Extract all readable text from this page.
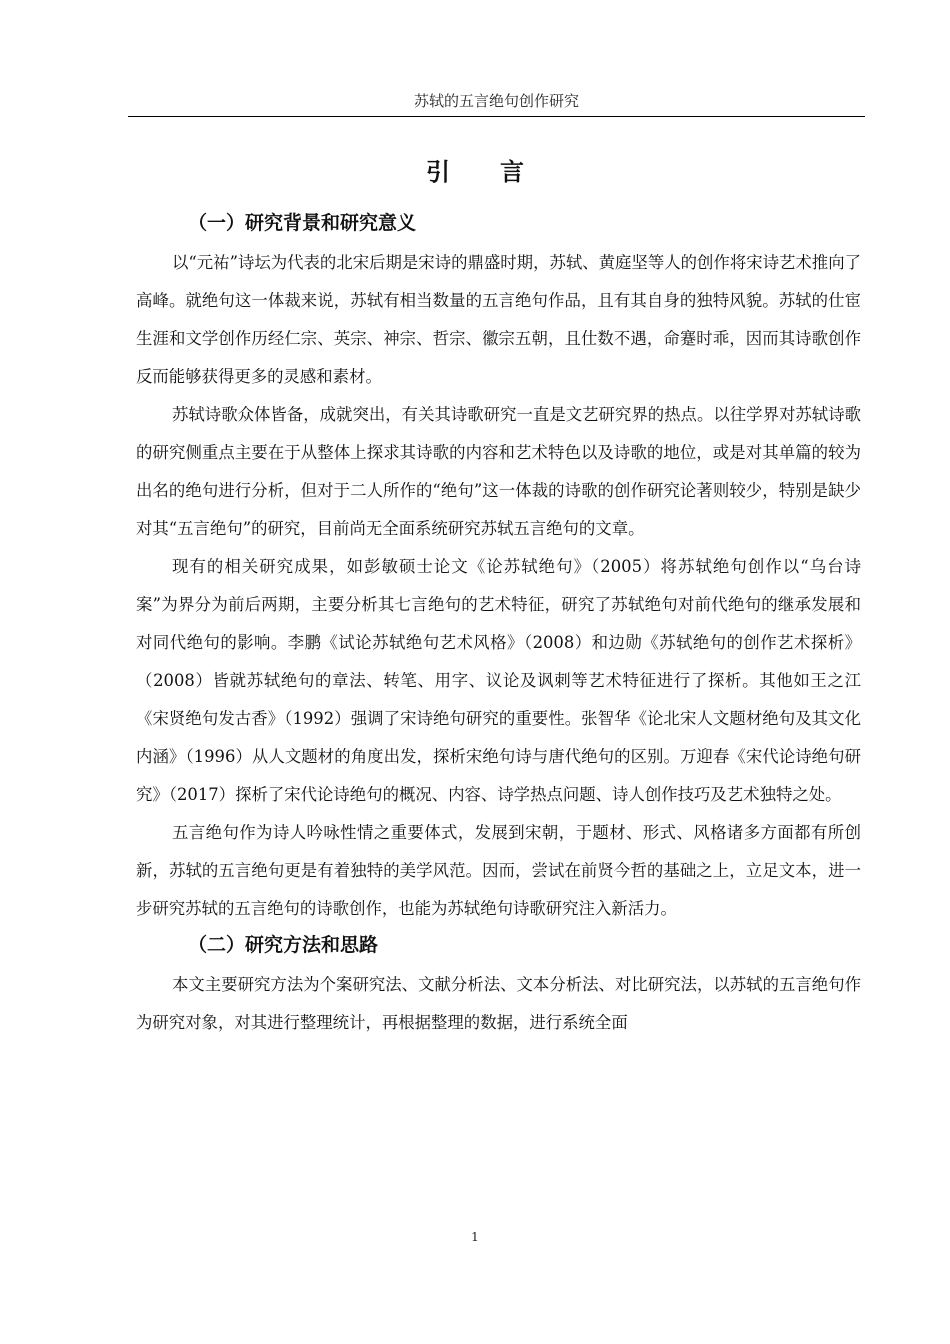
苏轼的五言绝句创作研究
引言
（一）研究背景和研究意义

以“元祐”诗坛为代表的北宋后期是宋诗的鼎盛时期，苏轼、黄庭坚等人的创作将宋诗艺术推向了高峰。就绝句这一体裁来说，苏轼有相当数量的五言绝句作品，且有其自身的独特风貌。苏轼的仕宦生涯和文学创作历经仁宗、英宗、神宗、哲宗、徽宗五朝，且仕数不遇，命蹇时乖，因而其诗歌创作反而能够获得更多的灵感和素材。

苏轼诗歌众体皆备，成就突出，有关其诗歌研究一直是文艺研究界的热点。以往学界对苏轼诗歌的研究侧重点主要在于从整体上探求其诗歌的内容和艺术特色以及诗歌的地位，或是对其单篇的较为出名的绝句进行分析，但对于二人所作的“绝句”这一体裁的诗歌的创作研究论著则较少，特别是缺少对其“五言绝句”的研究，目前尚无全面系统研究苏轼五言绝句的文章。

现有的相关研究成果，如彭敏硕士论文《论苏轼绝句》（2005）将苏轼绝句创作以“乌台诗案”为界分为前后两期，主要分析其七言绝句的艺术特征，研究了苏轼绝句对前代绝句的继承发展和对同代绝句的影响。李鹏《试论苏轼绝句艺术风格》（2008）和边勋《苏轼绝句的创作艺术探析》（2008）皆就苏轼绝句的章法、转笔、用字、议论及讽刺等艺术特征进行了探析。其他如王之江《宋贤绝句发古香》（1992）强调了宋诗绝句研究的重要性。张智华《论北宋人文题材绝句及其文化内涵》（1996）从人文题材的角度出发，探析宋绝句诗与唐代绝句的区别。万迎春《宋代论诗绝句研究》（2017）探析了宋代论诗绝句的概况、内容、诗学热点问题、诗人创作技巧及艺术独特之处。

五言绝句作为诗人吟咏性情之重要体式，发展到宋朝，于题材、形式、风格诸多方面都有所创新，苏轼的五言绝句更是有着独特的美学风范。因而，尝试在前贤今哲的基础之上，立足文本，进一步研究苏轼的五言绝句的诗歌创作，也能为苏轼绝句诗歌研究注入新活力。

（二）研究方法和思路

本文主要研究方法为个案研究法、文献分析法、文本分析法、对比研究法，以苏轼的五言绝句作为研究对象，对其进行整理统计，再根据整理的数据，进行系统全面

1
